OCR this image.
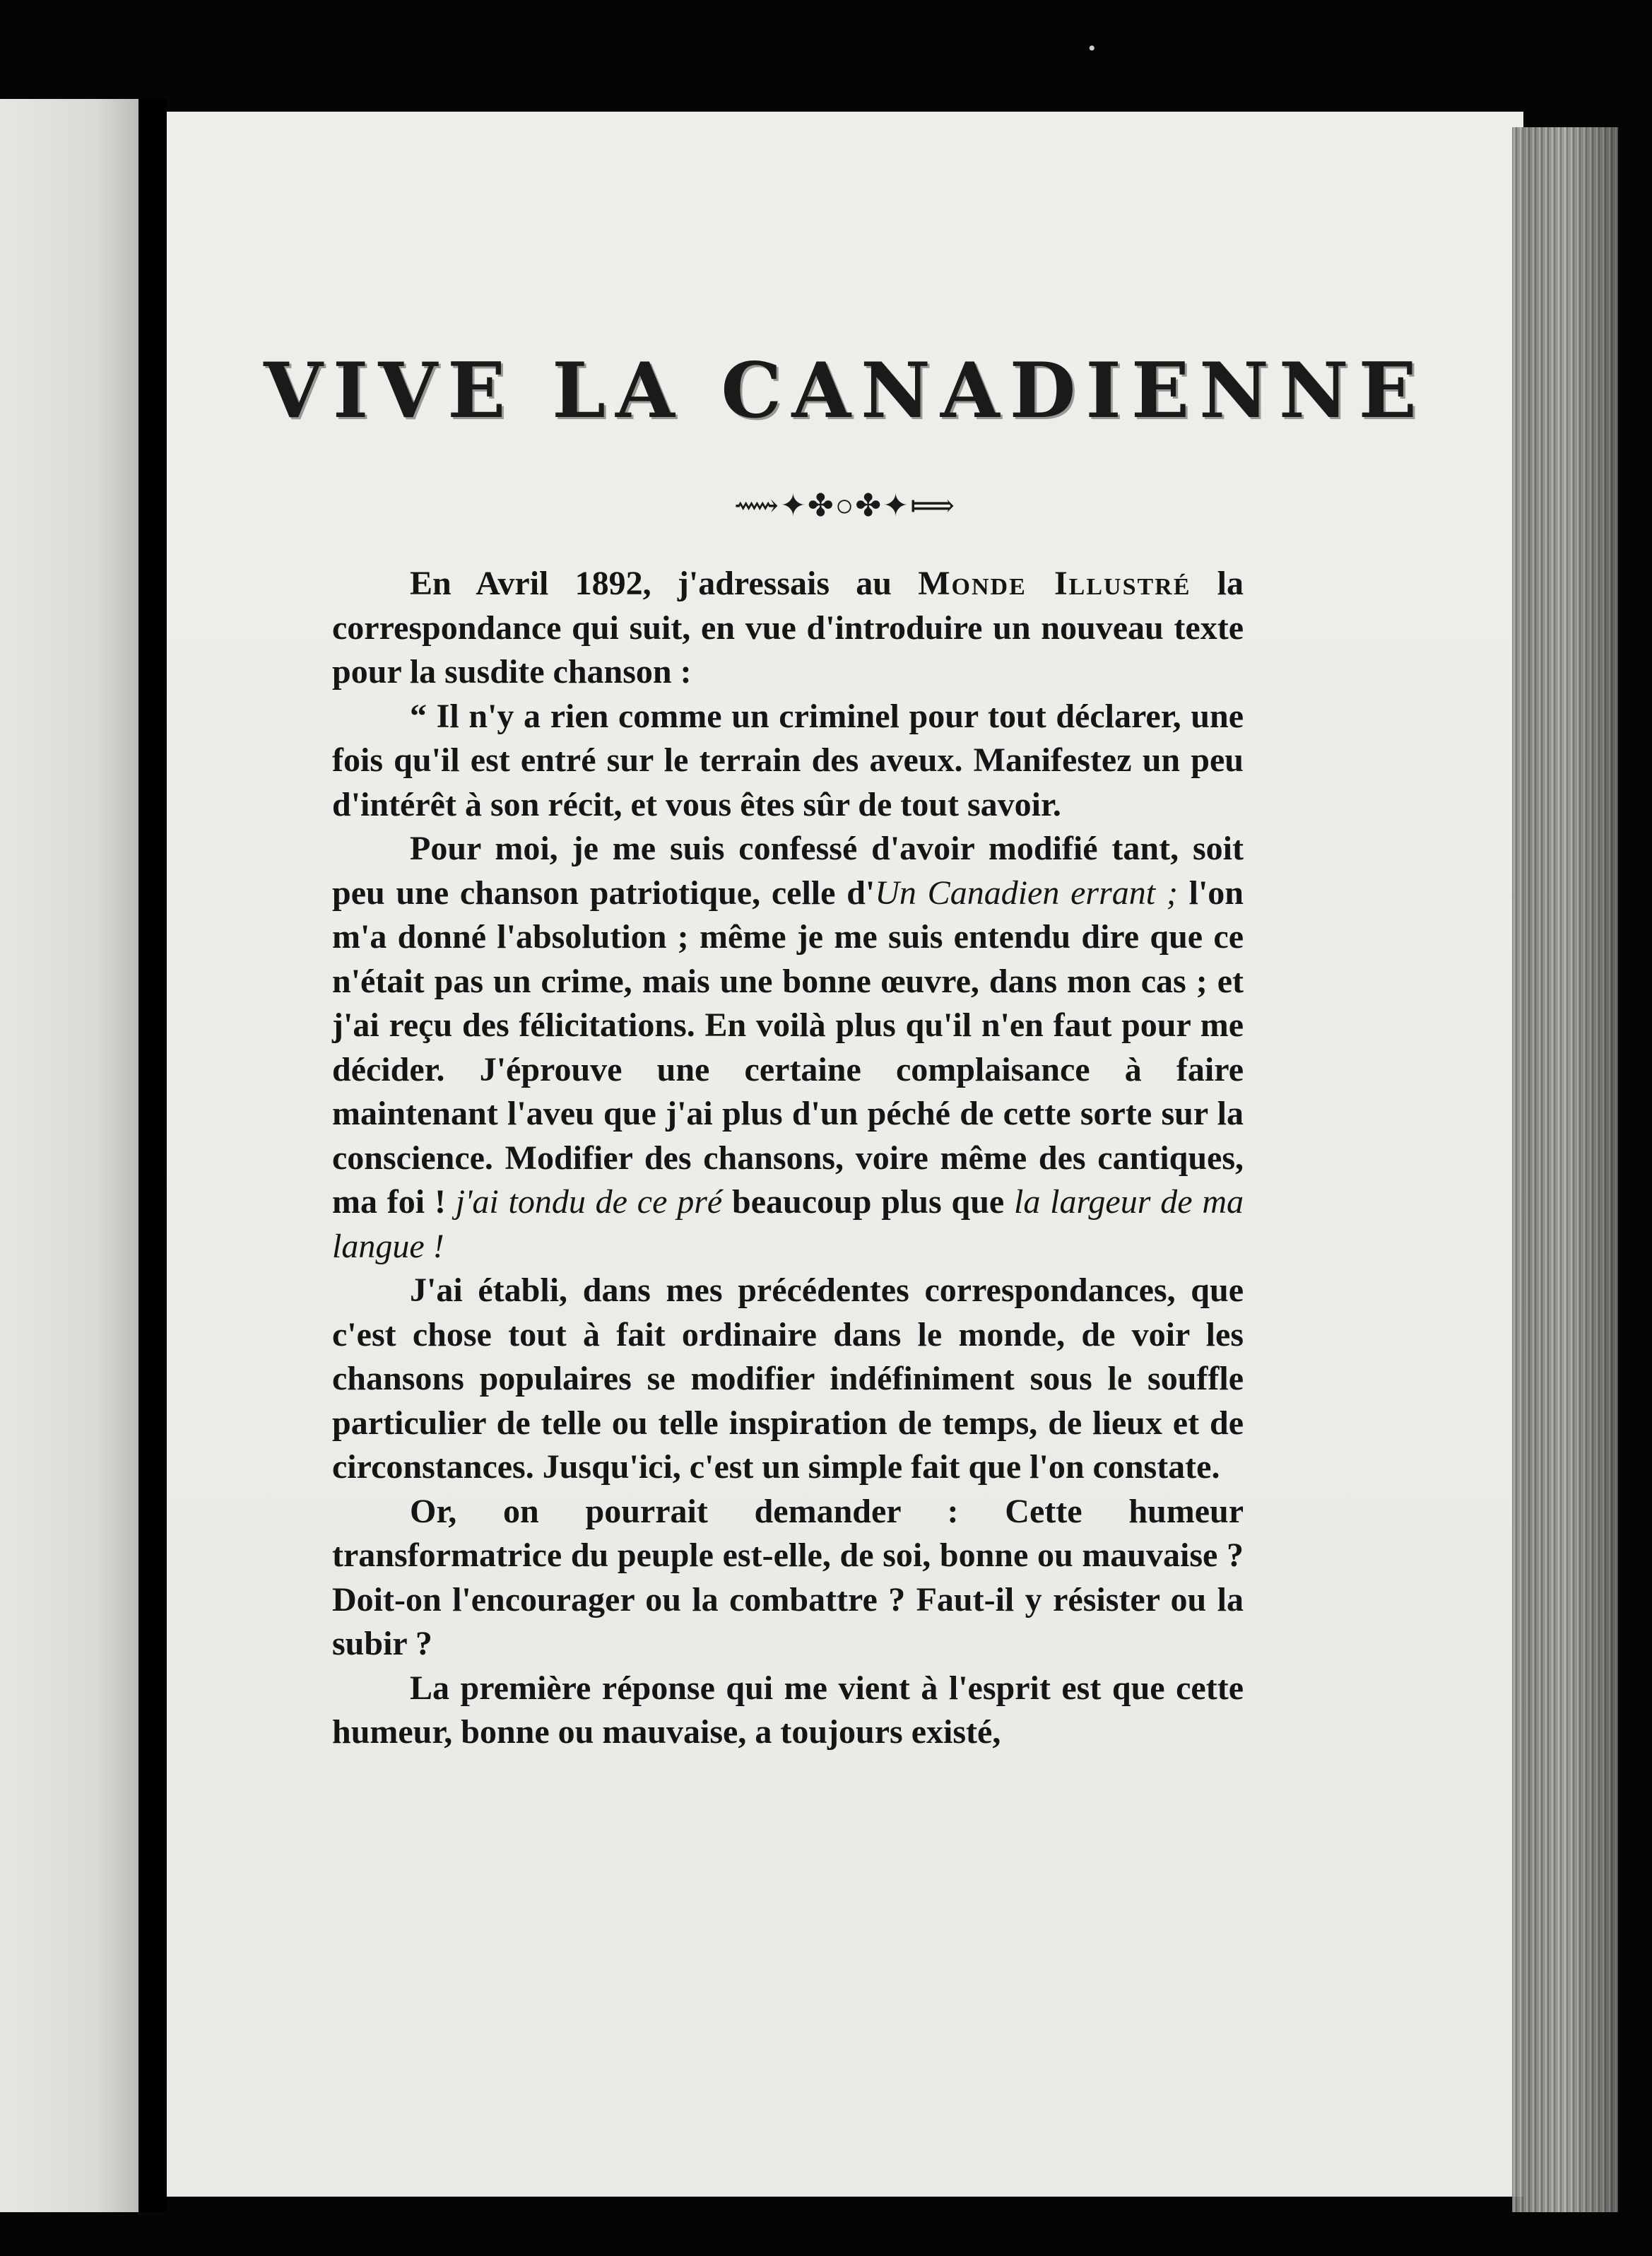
•
VIVE LA CANADIENNE
⟿✦✤○✤✦⟾

En Avril 1892, j'adressais au Monde Illustré la correspondance qui suit, en vue d'introduire un nouveau texte pour la susdite chanson :

“ Il n'y a rien comme un criminel pour tout déclarer, une fois qu'il est entré sur le terrain des aveux. Manifestez un peu d'intérêt à son récit, et vous êtes sûr de tout savoir.

Pour moi, je me suis confessé d'avoir modifié tant, soit peu une chanson patriotique, celle d'Un Canadien errant ; l'on m'a donné l'absolution ; même je me suis entendu dire que ce n'était pas un crime, mais une bonne œuvre, dans mon cas ; et j'ai reçu des félicitations. En voilà plus qu'il n'en faut pour me décider. J'éprouve une certaine complaisance à faire maintenant l'aveu que j'ai plus d'un péché de cette sorte sur la conscience. Modifier des chansons, voire même des cantiques, ma foi ! j'ai tondu de ce pré beaucoup plus que la largeur de ma langue !

J'ai établi, dans mes précédentes correspondances, que c'est chose tout à fait ordinaire dans le monde, de voir les chansons populaires se modifier indéfiniment sous le souffle particulier de telle ou telle inspiration de temps, de lieux et de circonstances. Jusqu'ici, c'est un simple fait que l'on constate.

Or, on pourrait demander : Cette humeur transformatrice du peuple est-elle, de soi, bonne ou mauvaise ? Doit-on l'encourager ou la combattre ? Faut-il y résister ou la subir ?

La première réponse qui me vient à l'esprit est que cette humeur, bonne ou mauvaise, a toujours existé,
